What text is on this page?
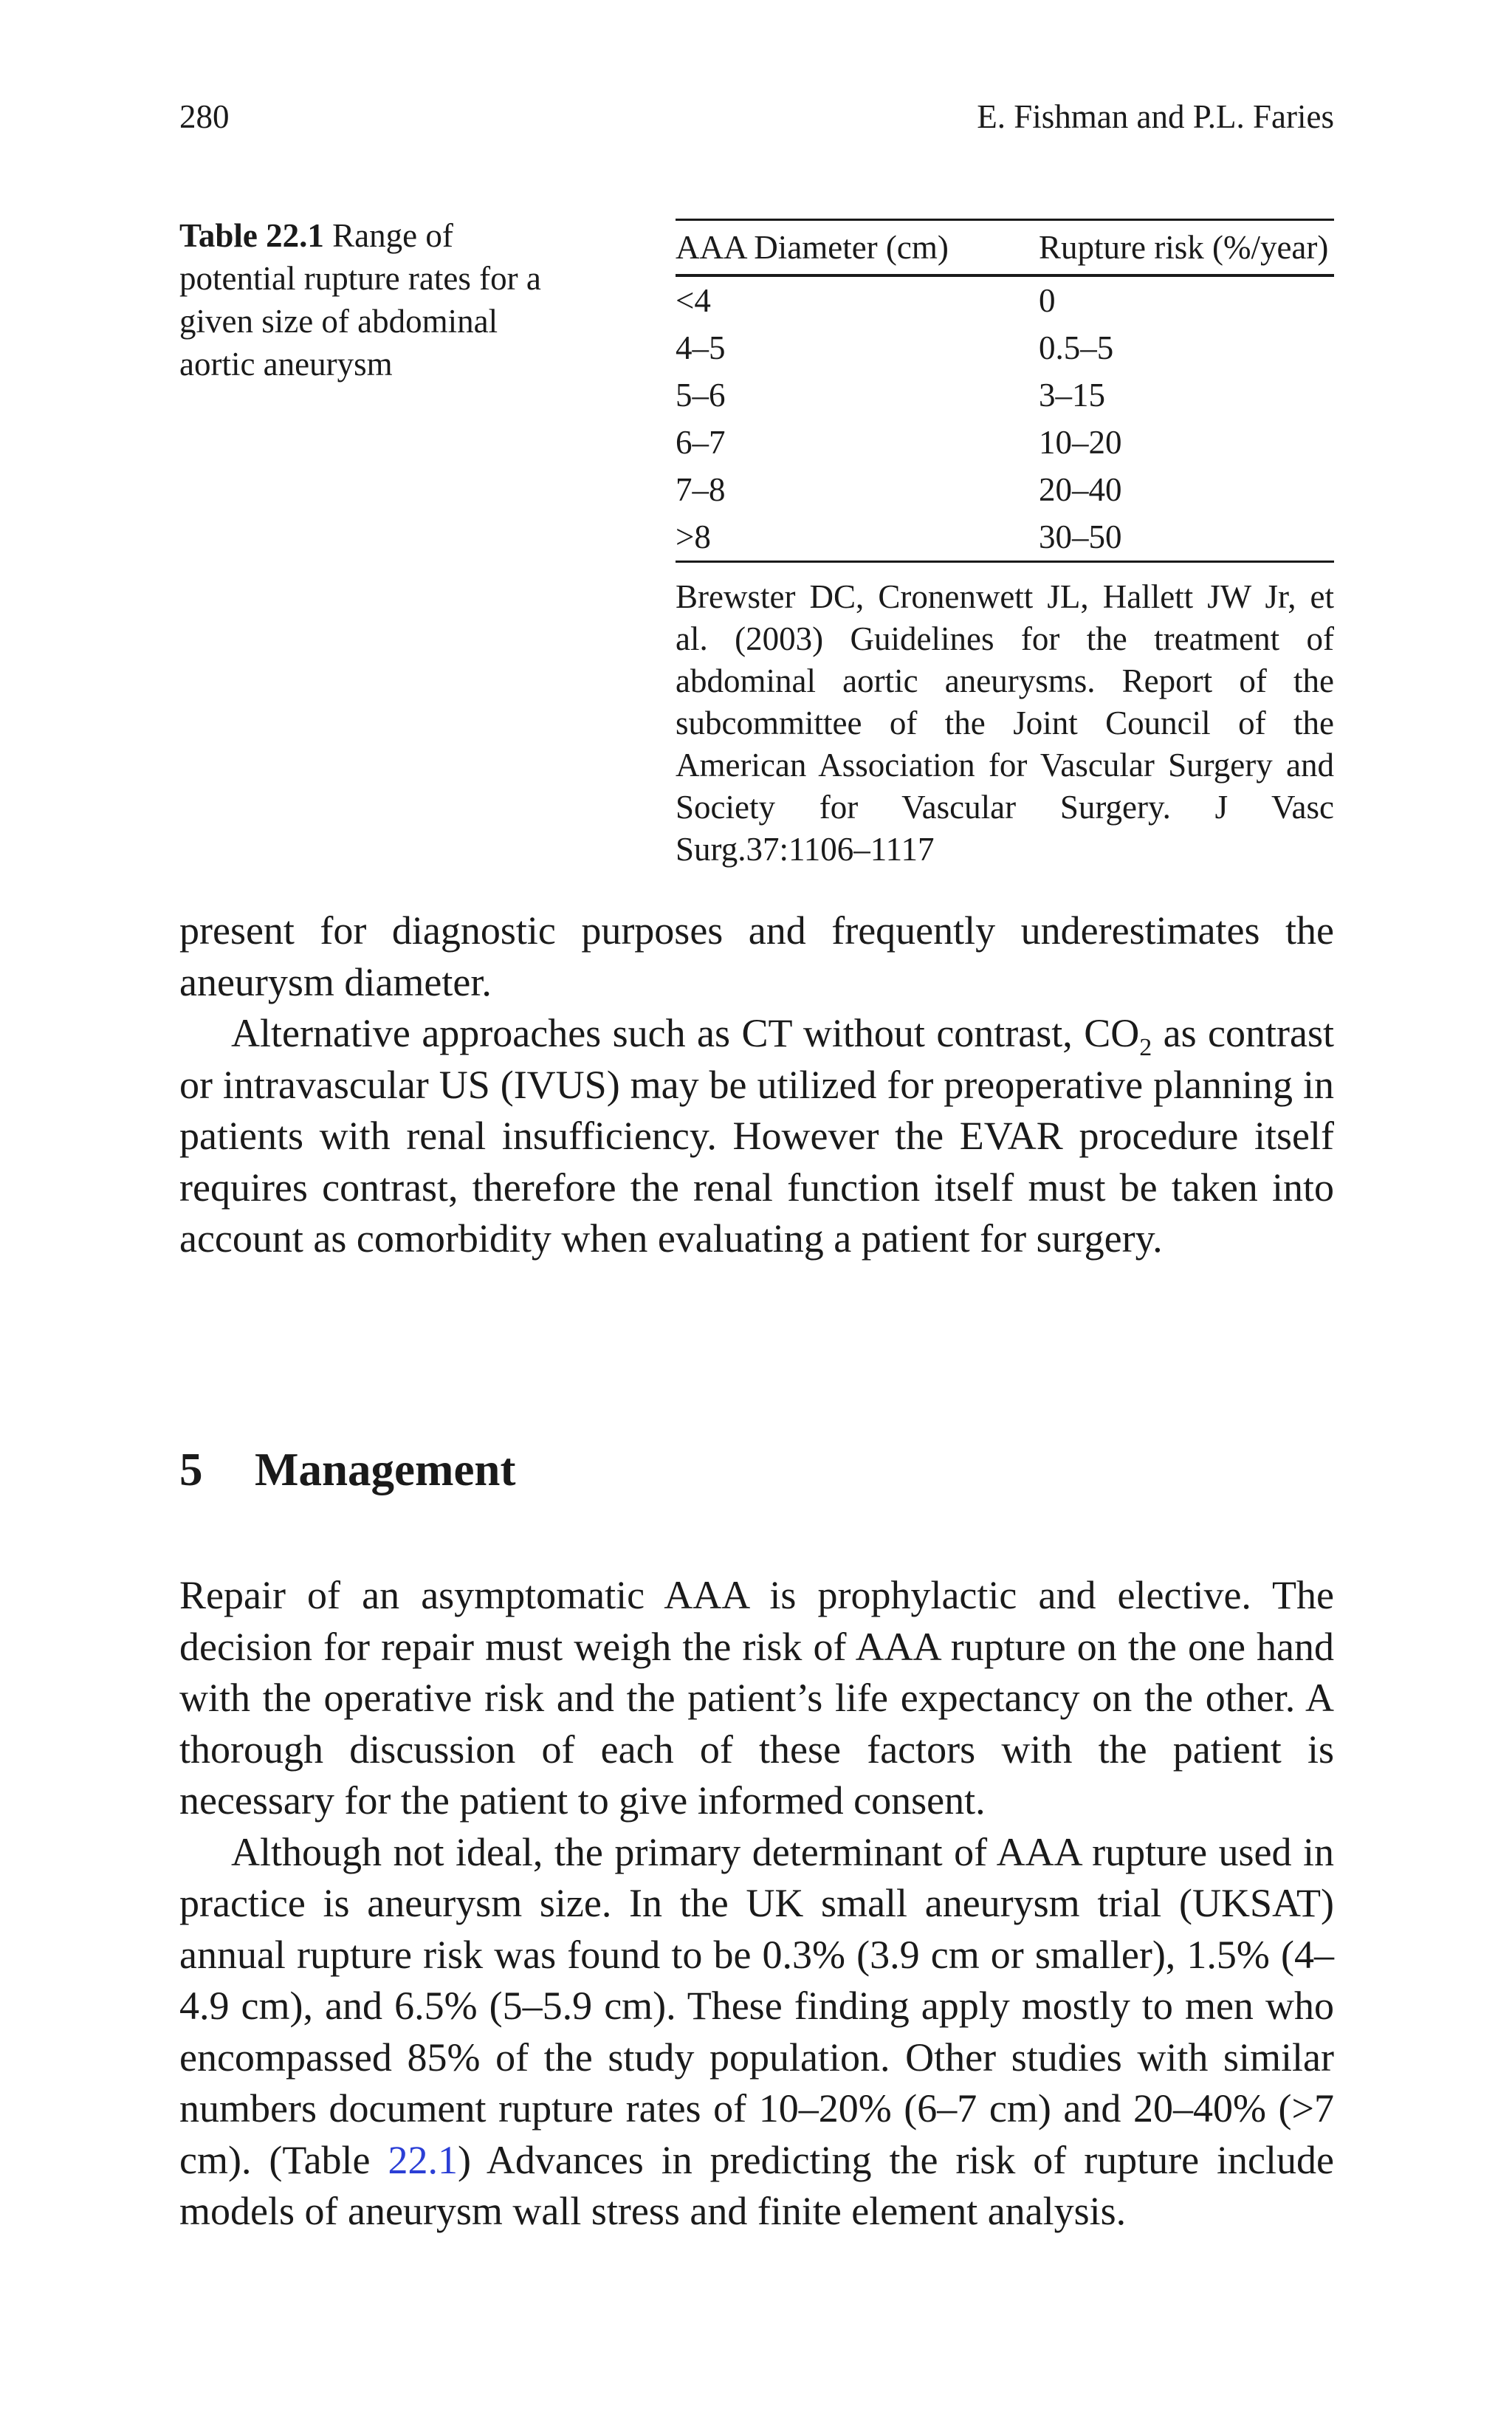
280	E. Fishman and P.L. Faries
Table 22.1 Range of potential rupture rates for a given size of abdominal aortic aneurysm
AAA Diameter (cm)	Rupture risk (%/year)
<4	0
4–5	0.5–5
5–6	3–15
6–7	10–20
7–8	20–40
>8	30–50
Brewster DC, Cronenwett JL, Hallett JW Jr, et al. (2003) Guidelines for the treatment of abdominal aortic aneurysms. Report of the subcommittee of the Joint Council of the American Association for Vascular Surgery and Society for Vascular Surgery. J Vasc Surg.37:1106–1117

present for diagnostic purposes and frequently underestimates the aneurysm diameter.

Alternative approaches such as CT without contrast, $CO_2$ as contrast or intravascular US (IVUS) may be utilized for preoperative planning in patients with renal insufficiency. However the EVAR procedure itself requires contrast, therefore the renal function itself must be taken into account as comorbidity when evaluating a patient for surgery.

5 Management

Repair of an asymptomatic AAA is prophylactic and elective. The decision for repair must weigh the risk of AAA rupture on the one hand with the operative risk and the patient’s life expectancy on the other. A thorough discussion of each of these factors with the patient is necessary for the patient to give informed consent.

Although not ideal, the primary determinant of AAA rupture used in practice is aneurysm size. In the UK small aneurysm trial (UKSAT) annual rupture risk was found to be 0.3% (3.9 cm or smaller), 1.5% (4–4.9 cm), and 6.5% (5–5.9 cm). These finding apply mostly to men who encompassed 85% of the study population. Other studies with similar numbers document rupture rates of 10–20% (6–7 cm) and 20–40% (>7 cm). (Table 22.1) Advances in predicting the risk of rupture include models of aneurysm wall stress and finite element analysis.
